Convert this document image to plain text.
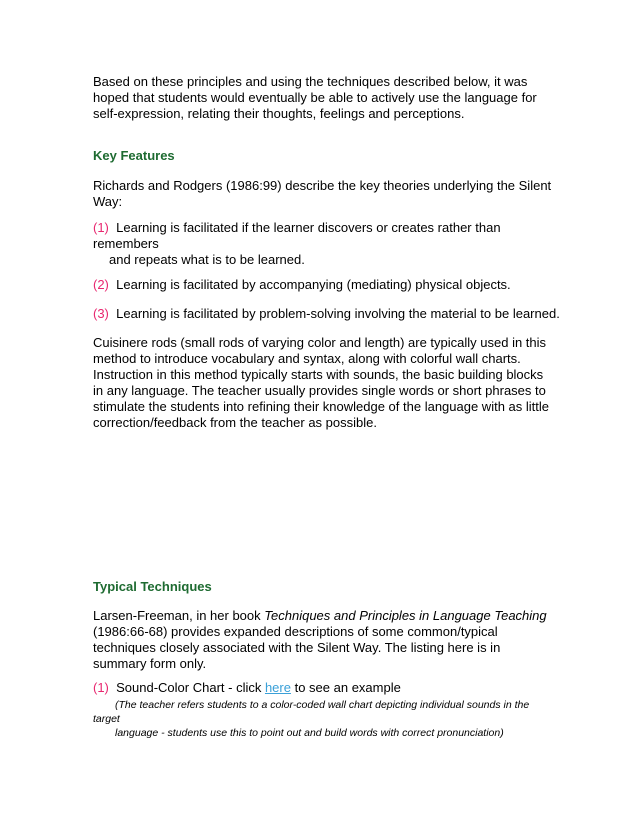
Based on these principles and using the techniques described below, it was hoped that students would eventually be able to actively use the language for self-expression, relating their thoughts, feelings and perceptions.

Key Features

Richards and Rodgers (1986:99) describe the key theories underlying the Silent Way:

(1) Learning is facilitated if the learner discovers or creates rather than

remembers

and repeats what is to be learned.

(2) Learning is facilitated by accompanying (mediating) physical objects.

(3) Learning is facilitated by problem-solving involving the material to be learned.

Cuisinere rods (small rods of varying color and length) are typically used in this method to introduce vocabulary and syntax, along with colorful wall charts. Instruction in this method typically starts with sounds, the basic building blocks in any language. The teacher usually provides single words or short phrases to stimulate the students into refining their knowledge of the language with as little correction/feedback from the teacher as possible.

Typical Techniques

Larsen-Freeman, in her book Techniques and Principles in Language Teaching (1986:66-68) provides expanded descriptions of some common/typical techniques closely associated with the Silent Way. The listing here is in summary form only.

(1) Sound-Color Chart - click here to see an example

(The teacher refers students to a color-coded wall chart depicting individual sounds in the

target

language - students use this to point out and build words with correct pronunciation)
